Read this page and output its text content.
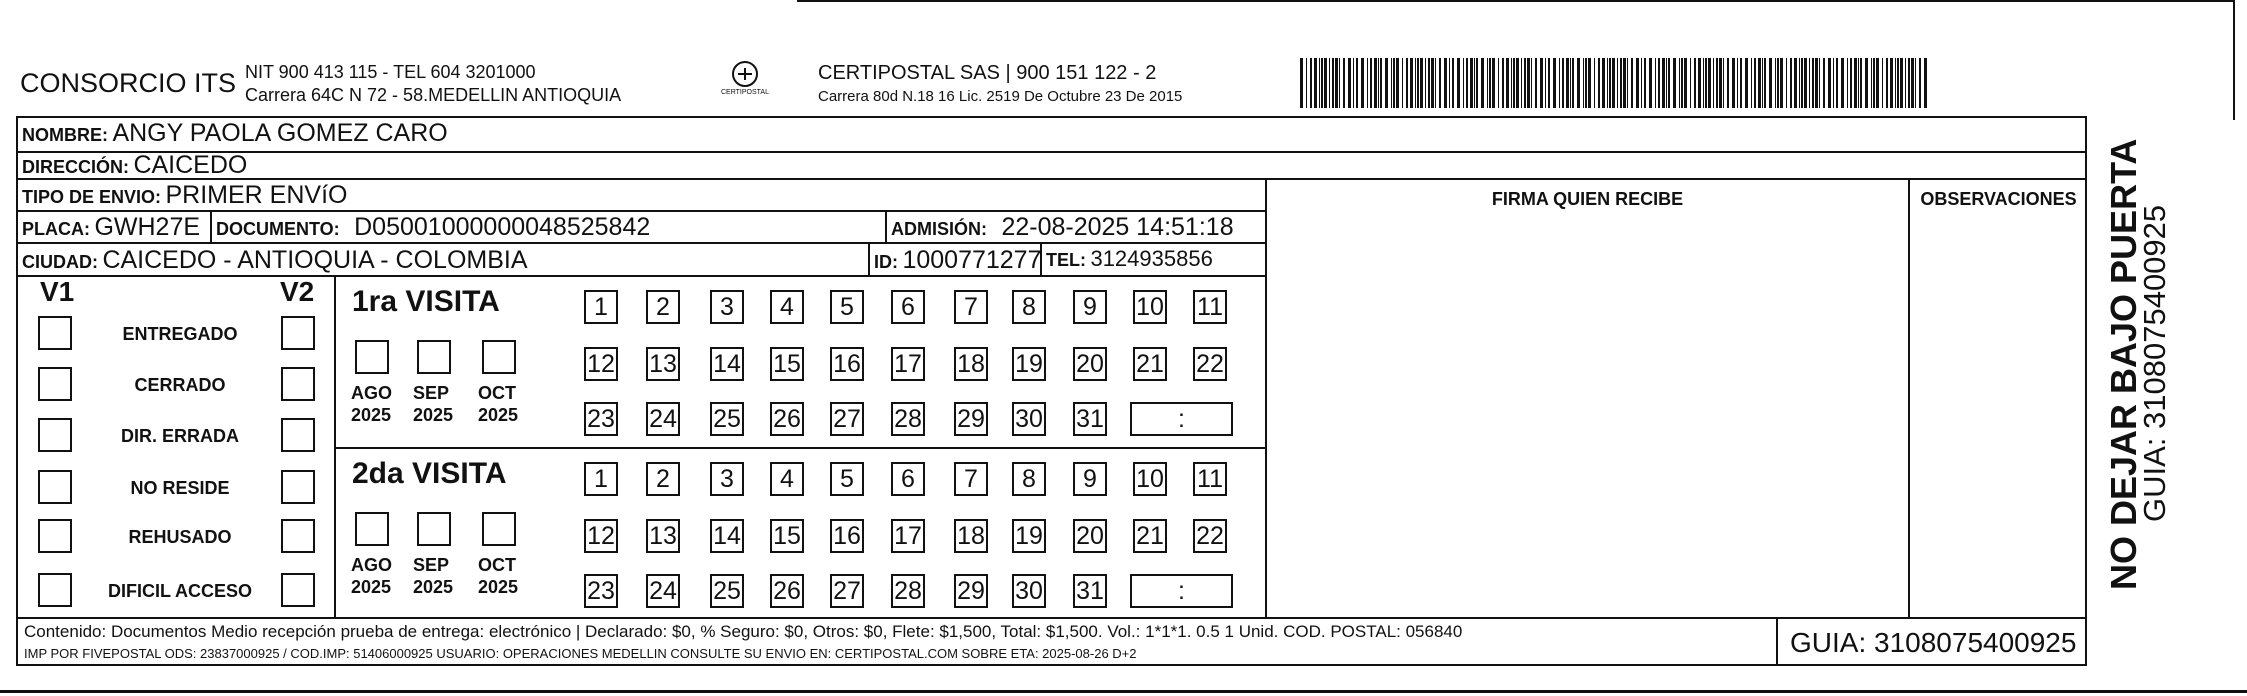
CONSORCIO ITS NIT 900 413 115 - TEL 604 3201000
Carrera 64C N 72 - 58.MEDELLIN ANTIOQUIA	CERTIPOSTAL
CERTIPOSTAL SAS | 900 151 122 - 2
Carrera 80d N.18 16 Lic. 2519 De Octubre 23 De 2015
NOMBRE: ANGY PAOLA GOMEZ CARO
DIRECCIÓN: CAICEDO
TIPO DE ENVIO: PRIMER ENVíO	FIRMA QUIEN RECIBE	OBSERVACIONES
PLACA: GWH27E DOCUMENTO: D05001000000048525842	ADMISIÓN: 22-08-2025 14:51:18
CIUDAD: CAICEDO - ANTIOQUIA - COLOMBIA	ID: 1000771277 TEL: 3124935856
V1	V2
ENTREGADO
CERRADO
DIR. ERRADA
NO RESIDE
REHUSADO
DIFICIL ACCESO
1ra VISITA
AGO
2025
SEP
2025
OCT
2025
1	2	3	4	5	6	7	8	9	10 11
12 13 14 15 16 17 18 19 20 21 22
23 24 25 26 27 28 29 30 31	:
2da VISITA
AGO
2025
SEP
2025
OCT
2025
1	2	3	4	5	6	7	8	9	10 11
12 13 14 15 16 17 18 19 20 21 22
23 24 25 26 27 28 29 30 31	:
Contenido: Documentos Medio recepción prueba de entrega: electrónico | Declarado: $0, % Seguro: $0, Otros: $0, Flete: $1,500, Total: $1,500. Vol.: 1*1*1. 0.5 1 Unid. COD. POSTAL: 056840
IMP POR FIVEPOSTAL ODS: 23837000925 / COD.IMP: 51406000925 USUARIO: OPERACIONES MEDELLIN CONSULTE SU ENVIO EN: CERTIPOSTAL.COM SOBRE ETA: 2025-08-26 D+2	GUIA: 3108075400925
NO DEJAR BAJO PUERTA
GUIA: 3108075400925
